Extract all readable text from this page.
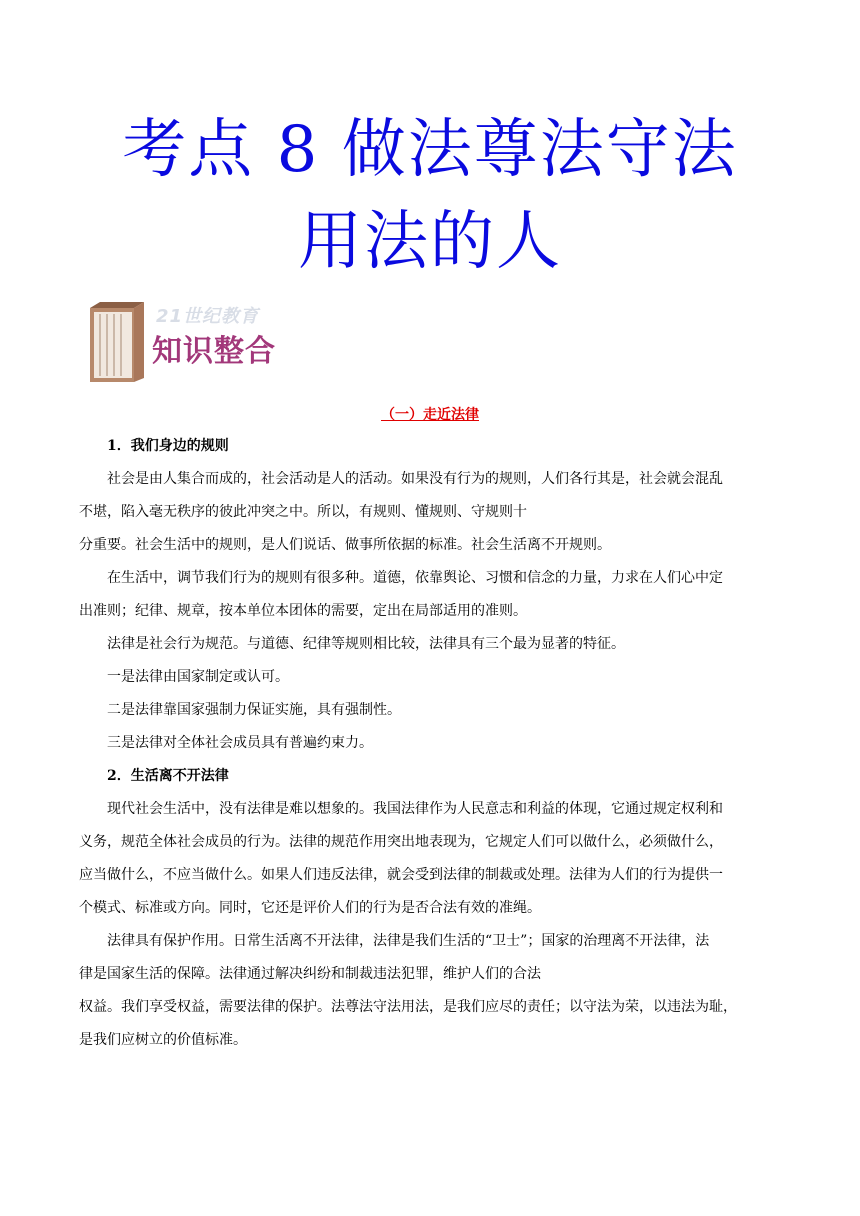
考点 8 做法尊法守法
用法的人
21世纪教育
知识整合
（一）走近法律
1．我们身边的规则
社会是由人集合而成的，社会活动是人的活动。如果没有行为的规则，人们各行其是，社会就会混乱
不堪，陷入毫无秩序的彼此冲突之中。所以，有规则、懂规则、守规则十
分重要。社会生活中的规则，是人们说话、做事所依据的标准。社会生活离不开规则。
在生活中，调节我们行为的规则有很多种。道德，依靠舆论、习惯和信念的力量，力求在人们心中定
出准则；纪律、规章，按本单位本团体的需要，定出在局部适用的准则。
法律是社会行为规范。与道德、纪律等规则相比较，法律具有三个最为显著的特征。
一是法律由国家制定或认可。
二是法律靠国家强制力保证实施，具有强制性。
三是法律对全体社会成员具有普遍约束力。
2．生活离不开法律
现代社会生活中，没有法律是难以想象的。我国法律作为人民意志和利益的体现，它通过规定权利和
义务，规范全体社会成员的行为。法律的规范作用突出地表现为，它规定人们可以做什么，必须做什么，
应当做什么，不应当做什么。如果人们违反法律，就会受到法律的制裁或处理。法律为人们的行为提供一
个模式、标准或方向。同时，它还是评价人们的行为是否合法有效的准绳。
法律具有保护作用。日常生活离不开法律，法律是我们生活的“卫士”；国家的治理离不开法律，法
律是国家生活的保障。法律通过解决纠纷和制裁违法犯罪，维护人们的合法
权益。我们享受权益，需要法律的保护。法尊法守法用法，是我们应尽的责任；以守法为荣，以违法为耻，
是我们应树立的价值标准。
